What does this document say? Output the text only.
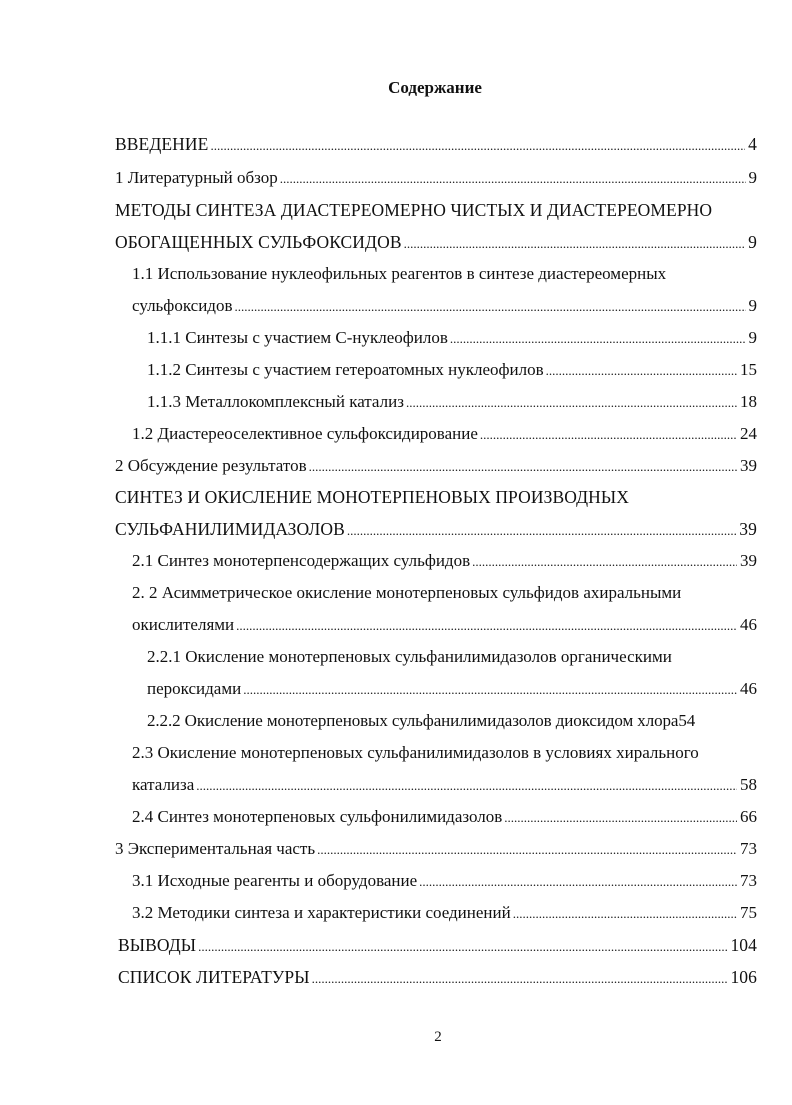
Содержание
ВВЕДЕНИЕ .....	4
1 Литературный обзор .....	9
МЕТОДЫ СИНТЕЗА ДИАСТЕРЕОМЕРНО ЧИСТЫХ И ДИАСТЕРЕОМЕРНО
ОБОГАЩЕННЫХ СУЛЬФОКСИДОВ .....	9
1.1 Использование нуклеофильных реагентов в синтезе диастереомерных
сульфоксидов .....	9
1.1.1 Синтезы с участием С-нуклеофилов .....	9
1.1.2 Синтезы с участием гетероатомных нуклеофилов .....	15
1.1.3 Металлокомплексный катализ .....	18
1.2 Диастереоселективное сульфоксидирование .....	24
2 Обсуждение результатов .....	39
СИНТЕЗ И ОКИСЛЕНИЕ МОНОТЕРПЕНОВЫХ ПРОИЗВОДНЫХ
СУЛЬФАНИЛИМИДАЗОЛОВ .....	39
2.1 Синтез монотерпенсодержащих сульфидов .....	39
2. 2 Асимметрическое окисление монотерпеновых сульфидов ахиральными
окислителями .....	46
2.2.1 Окисление монотерпеновых сульфанилимидазолов органическими
пероксидами .....	46
2.2.2 Окисление монотерпеновых сульфанилимидазолов диоксидом хлора 54
2.3 Окисление монотерпеновых сульфанилимидазолов в условиях хирального
катализа .....	58
2.4 Синтез монотерпеновых сульфонилимидазолов .....	66
3 Экспериментальная часть .....	73
3.1 Исходные реагенты и оборудование .....	73
3.2 Методики синтеза и характеристики соединений .....	75
ВЫВОДЫ .....	104
СПИСОК ЛИТЕРАТУРЫ .....	106
2
